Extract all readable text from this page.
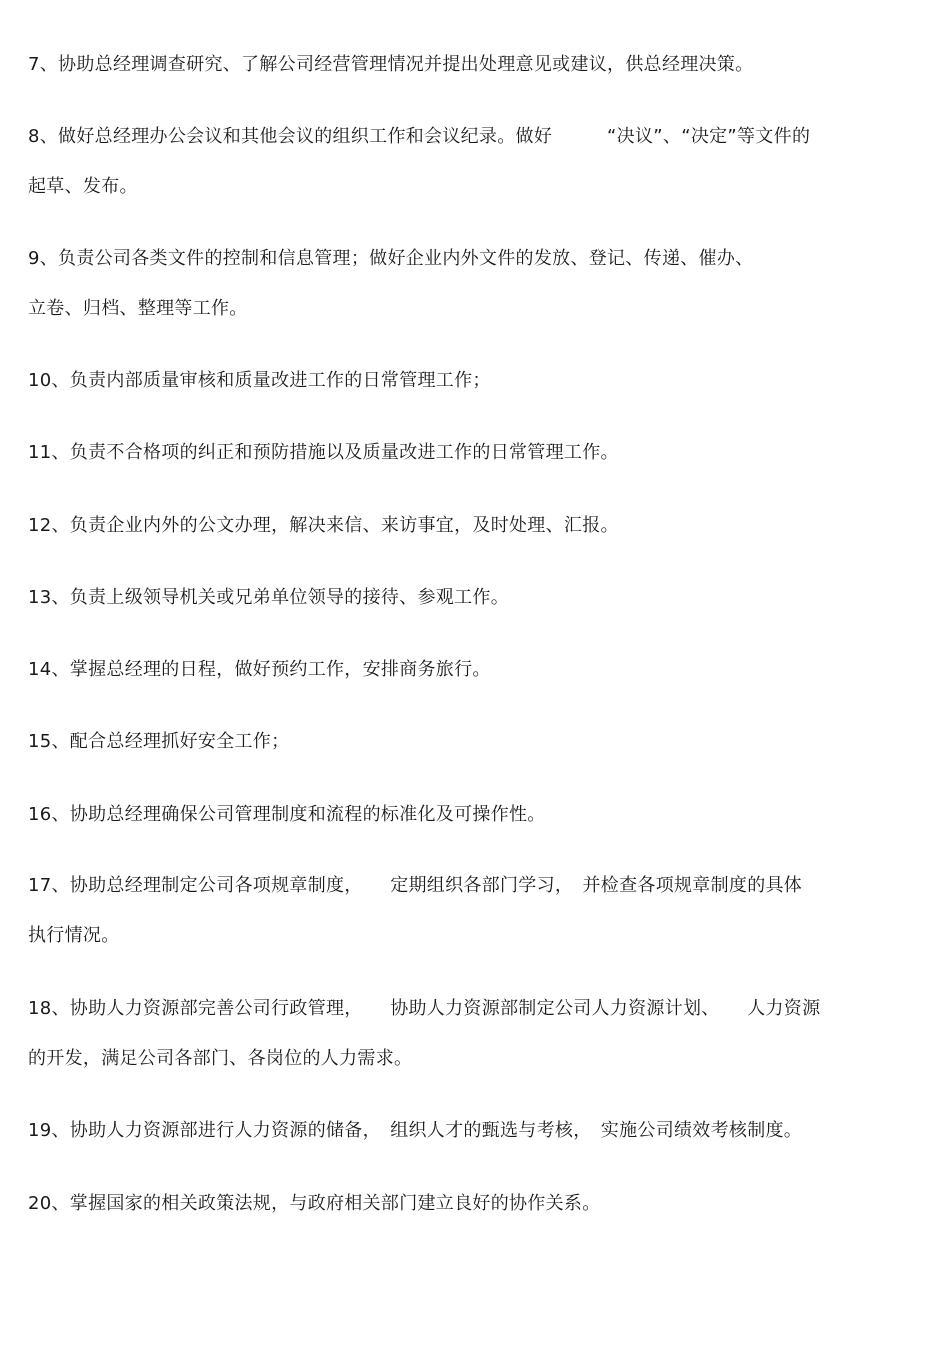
7、协助总经理调查研究、了解公司经营管理情况并提出处理意见或建议，供总经理决策。
8、做好总经理办公会议和其他会议的组织工作和会议纪录。做好　　　“决议”、“决定”等文件的
起草、发布。
9、负责公司各类文件的控制和信息管理；做好企业内外文件的发放、登记、传递、催办、
立卷、归档、整理等工作。
10、负责内部质量审核和质量改进工作的日常管理工作；
11、负责不合格项的纠正和预防措施以及质量改进工作的日常管理工作。
12、负责企业内外的公文办理，解决来信、来访事宜，及时处理、汇报。
13、负责上级领导机关或兄弟单位领导的接待、参观工作。
14、掌握总经理的日程，做好预约工作，安排商务旅行。
15、配合总经理抓好安全工作；
16、协助总经理确保公司管理制度和流程的标准化及可操作性。
17、协助总经理制定公司各项规章制度，　　定期组织各部门学习，　并检查各项规章制度的具体
执行情况。
18、协助人力资源部完善公司行政管理，　　协助人力资源部制定公司人力资源计划、　　人力资源
的开发，满足公司各部门、各岗位的人力需求。
19、协助人力资源部进行人力资源的储备，　组织人才的甄选与考核，　实施公司绩效考核制度。
20、掌握国家的相关政策法规，与政府相关部门建立良好的协作关系。
